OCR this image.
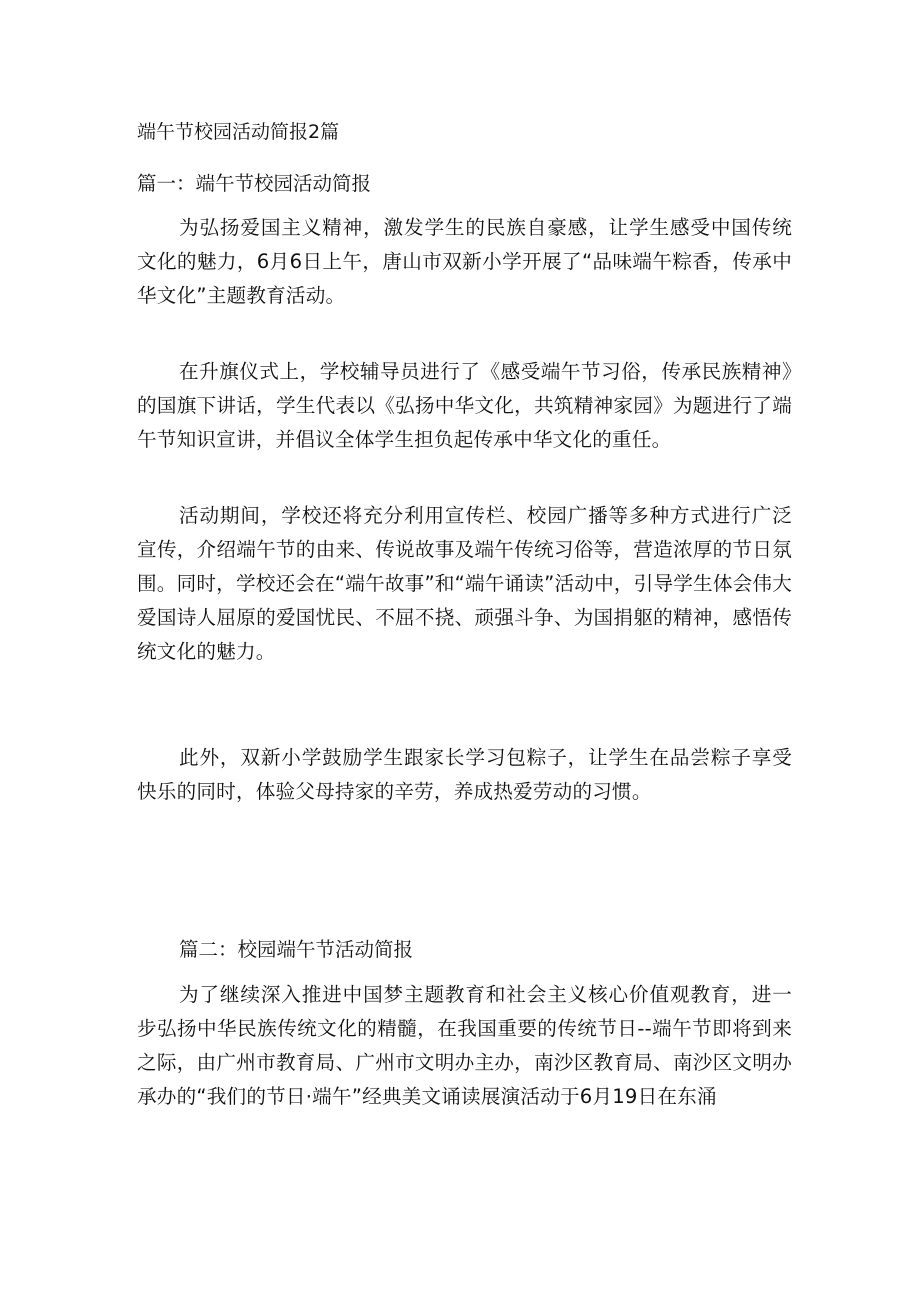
端午节校园活动简报2篇
篇一：端午节校园活动简报

为弘扬爱国主义精神，激发学生的民族自豪感，让学生感受中国传统文化的魅力，6月6日上午，唐山市双新小学开展了“品味端午粽香，传承中华文化”主题教育活动。

在升旗仪式上，学校辅导员进行了《感受端午节习俗，传承民族精神》的国旗下讲话，学生代表以《弘扬中华文化，共筑精神家园》为题进行了端午节知识宣讲，并倡议全体学生担负起传承中华文化的重任。

活动期间，学校还将充分利用宣传栏、校园广播等多种方式进行广泛宣传，介绍端午节的由来、传说故事及端午传统习俗等，营造浓厚的节日氛围。同时，学校还会在“端午故事”和“端午诵读”活动中，引导学生体会伟大爱国诗人屈原的爱国忧民、不屈不挠、顽强斗争、为国捐躯的精神，感悟传统文化的魅力。

此外，双新小学鼓励学生跟家长学习包粽子，让学生在品尝粽子享受快乐的同时，体验父母持家的辛劳，养成热爱劳动的习惯。

篇二：校园端午节活动简报

为了继续深入推进中国梦主题教育和社会主义核心价值观教育，进一步弘扬中华民族传统文化的精髓，在我国重要的传统节日--端午节即将到来之际，由广州市教育局、广州市文明办主办，南沙区教育局、南沙区文明办承办的“我们的节日·端午”经典美文诵读展演活动于6月19日在东涌
